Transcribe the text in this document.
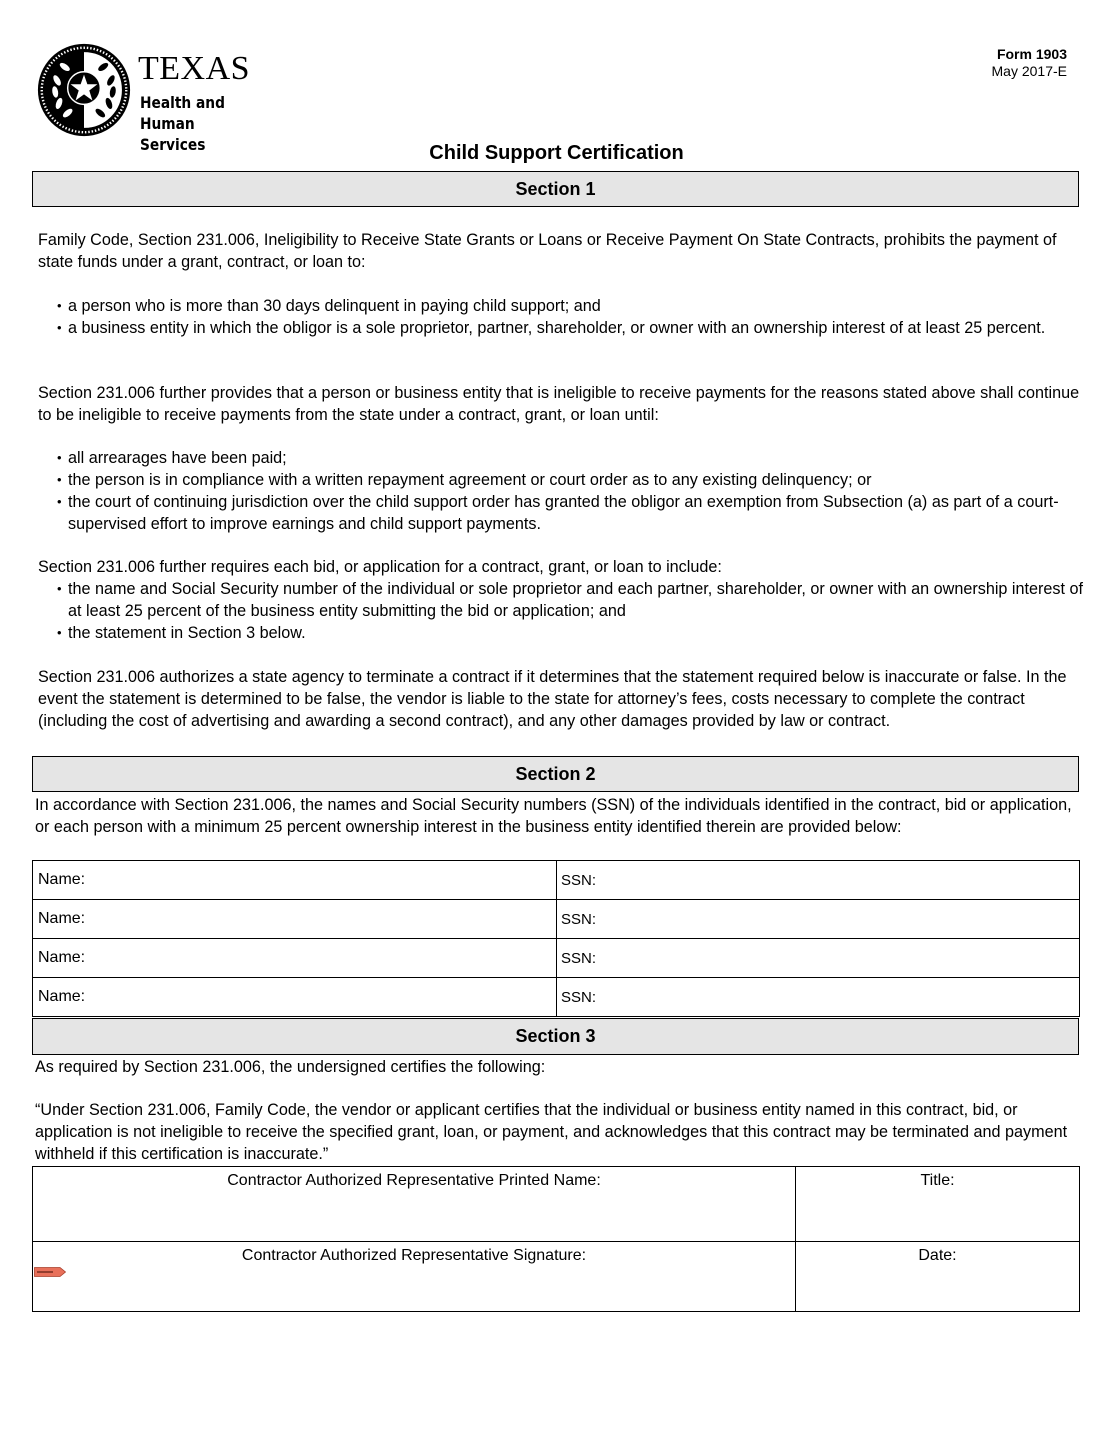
TEXAS
Health and Human
Services
Form 1903
May 2017-E
Child Support Certification
Section 1
Family Code, Section 231.006, Ineligibility to Receive State Grants or Loans or Receive Payment On State Contracts, prohibits the payment of state funds under a grant, contract, or loan to:
• a person who is more than 30 days delinquent in paying child support; and
• a business entity in which the obligor is a sole proprietor, partner, shareholder, or owner with an ownership interest of at least 25 percent.
Section 231.006 further provides that a person or business entity that is ineligible to receive payments for the reasons stated above shall continue to be ineligible to receive payments from the state under a contract, grant, or loan until:
• all arrearages have been paid;
• the person is in compliance with a written repayment agreement or court order as to any existing delinquency; or
• the court of continuing jurisdiction over the child support order has granted the obligor an exemption from Subsection (a) as part of a court-supervised effort to improve earnings and child support payments.
Section 231.006 further requires each bid, or application for a contract, grant, or loan to include:
• the name and Social Security number of the individual or sole proprietor and each partner, shareholder, or owner with an ownership interest of at least 25 percent of the business entity submitting the bid or application; and
• the statement in Section 3 below.
Section 231.006 authorizes a state agency to terminate a contract if it determines that the statement required below is inaccurate or false. In the event the statement is determined to be false, the vendor is liable to the state for attorney’s fees, costs necessary to complete the contract (including the cost of advertising and awarding a second contract), and any other damages provided by law or contract.
Section 2
In accordance with Section 231.006, the names and Social Security numbers (SSN) of the individuals identified in the contract, bid or application, or each person with a minimum 25 percent ownership interest in the business entity identified therein are provided below:
Name:	SSN:
Name:	SSN:
Name:	SSN:
Name:	SSN:
Section 3
As required by Section 231.006, the undersigned certifies the following:
“Under Section 231.006, Family Code, the vendor or applicant certifies that the individual or business entity named in this contract, bid, or application is not ineligible to receive the specified grant, loan, or payment, and acknowledges that this contract may be terminated and payment withheld if this certification is inaccurate.”
Contractor Authorized Representative Printed Name:	Title:
Contractor Authorized Representative Signature:	Date:
